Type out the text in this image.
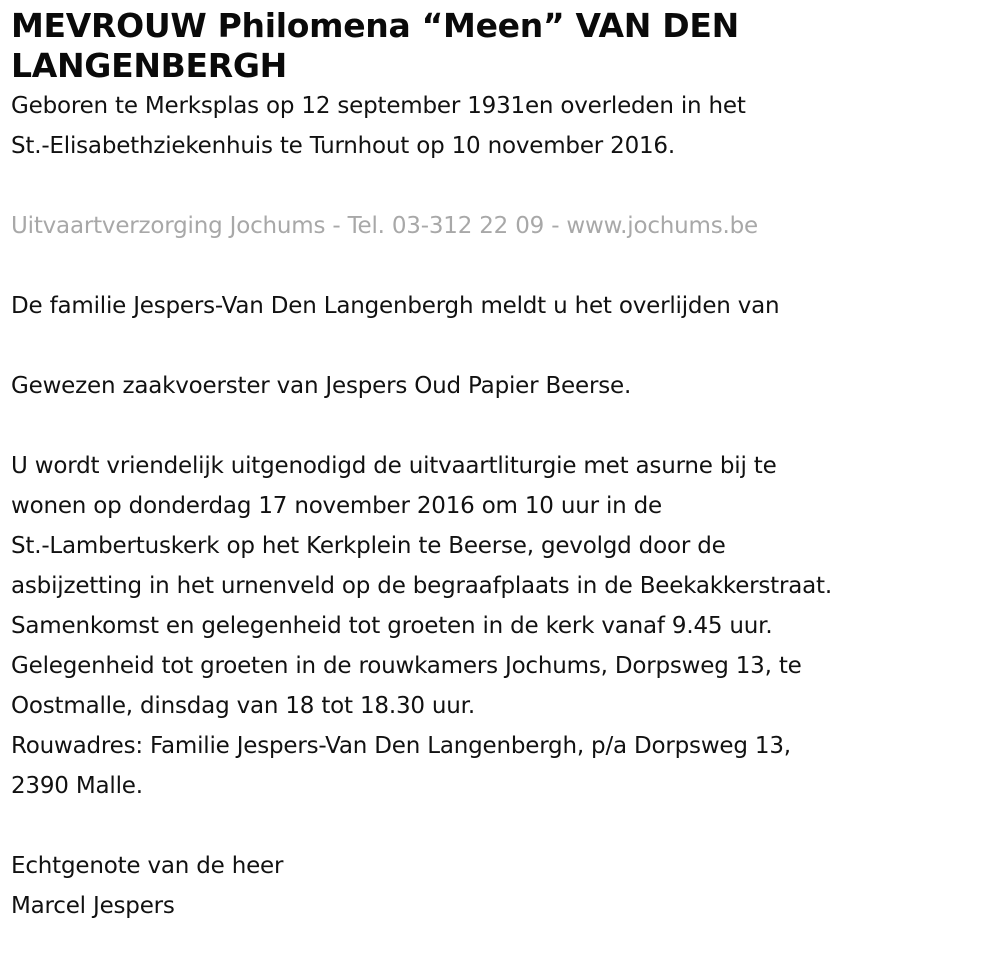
MEVROUW Philomena “Meen” VAN DEN
LANGENBERGH
Geboren te Merksplas op 12 september 1931en overleden in het
St.-Elisabethziekenhuis te Turnhout op 10 november 2016.
Uitvaartverzorging Jochums - Tel. 03-312 22 09 - www.jochums.be
De familie Jespers-Van Den Langenbergh meldt u het overlijden van
Gewezen zaakvoerster van Jespers Oud Papier Beerse.
U wordt vriendelijk uitgenodigd de uitvaartliturgie met asurne bij te
wonen op donderdag 17 november 2016 om 10 uur in de
St.-Lambertuskerk op het Kerkplein te Beerse, gevolgd door de
asbijzetting in het urnenveld op de begraafplaats in de Beekakkerstraat.
Samenkomst en gelegenheid tot groeten in de kerk vanaf 9.45 uur.
Gelegenheid tot groeten in de rouwkamers Jochums, Dorpsweg 13, te
Oostmalle, dinsdag van 18 tot 18.30 uur.
Rouwadres: Familie Jespers-Van Den Langenbergh, p/a Dorpsweg 13,
2390 Malle.
Echtgenote van de heer
Marcel Jespers
